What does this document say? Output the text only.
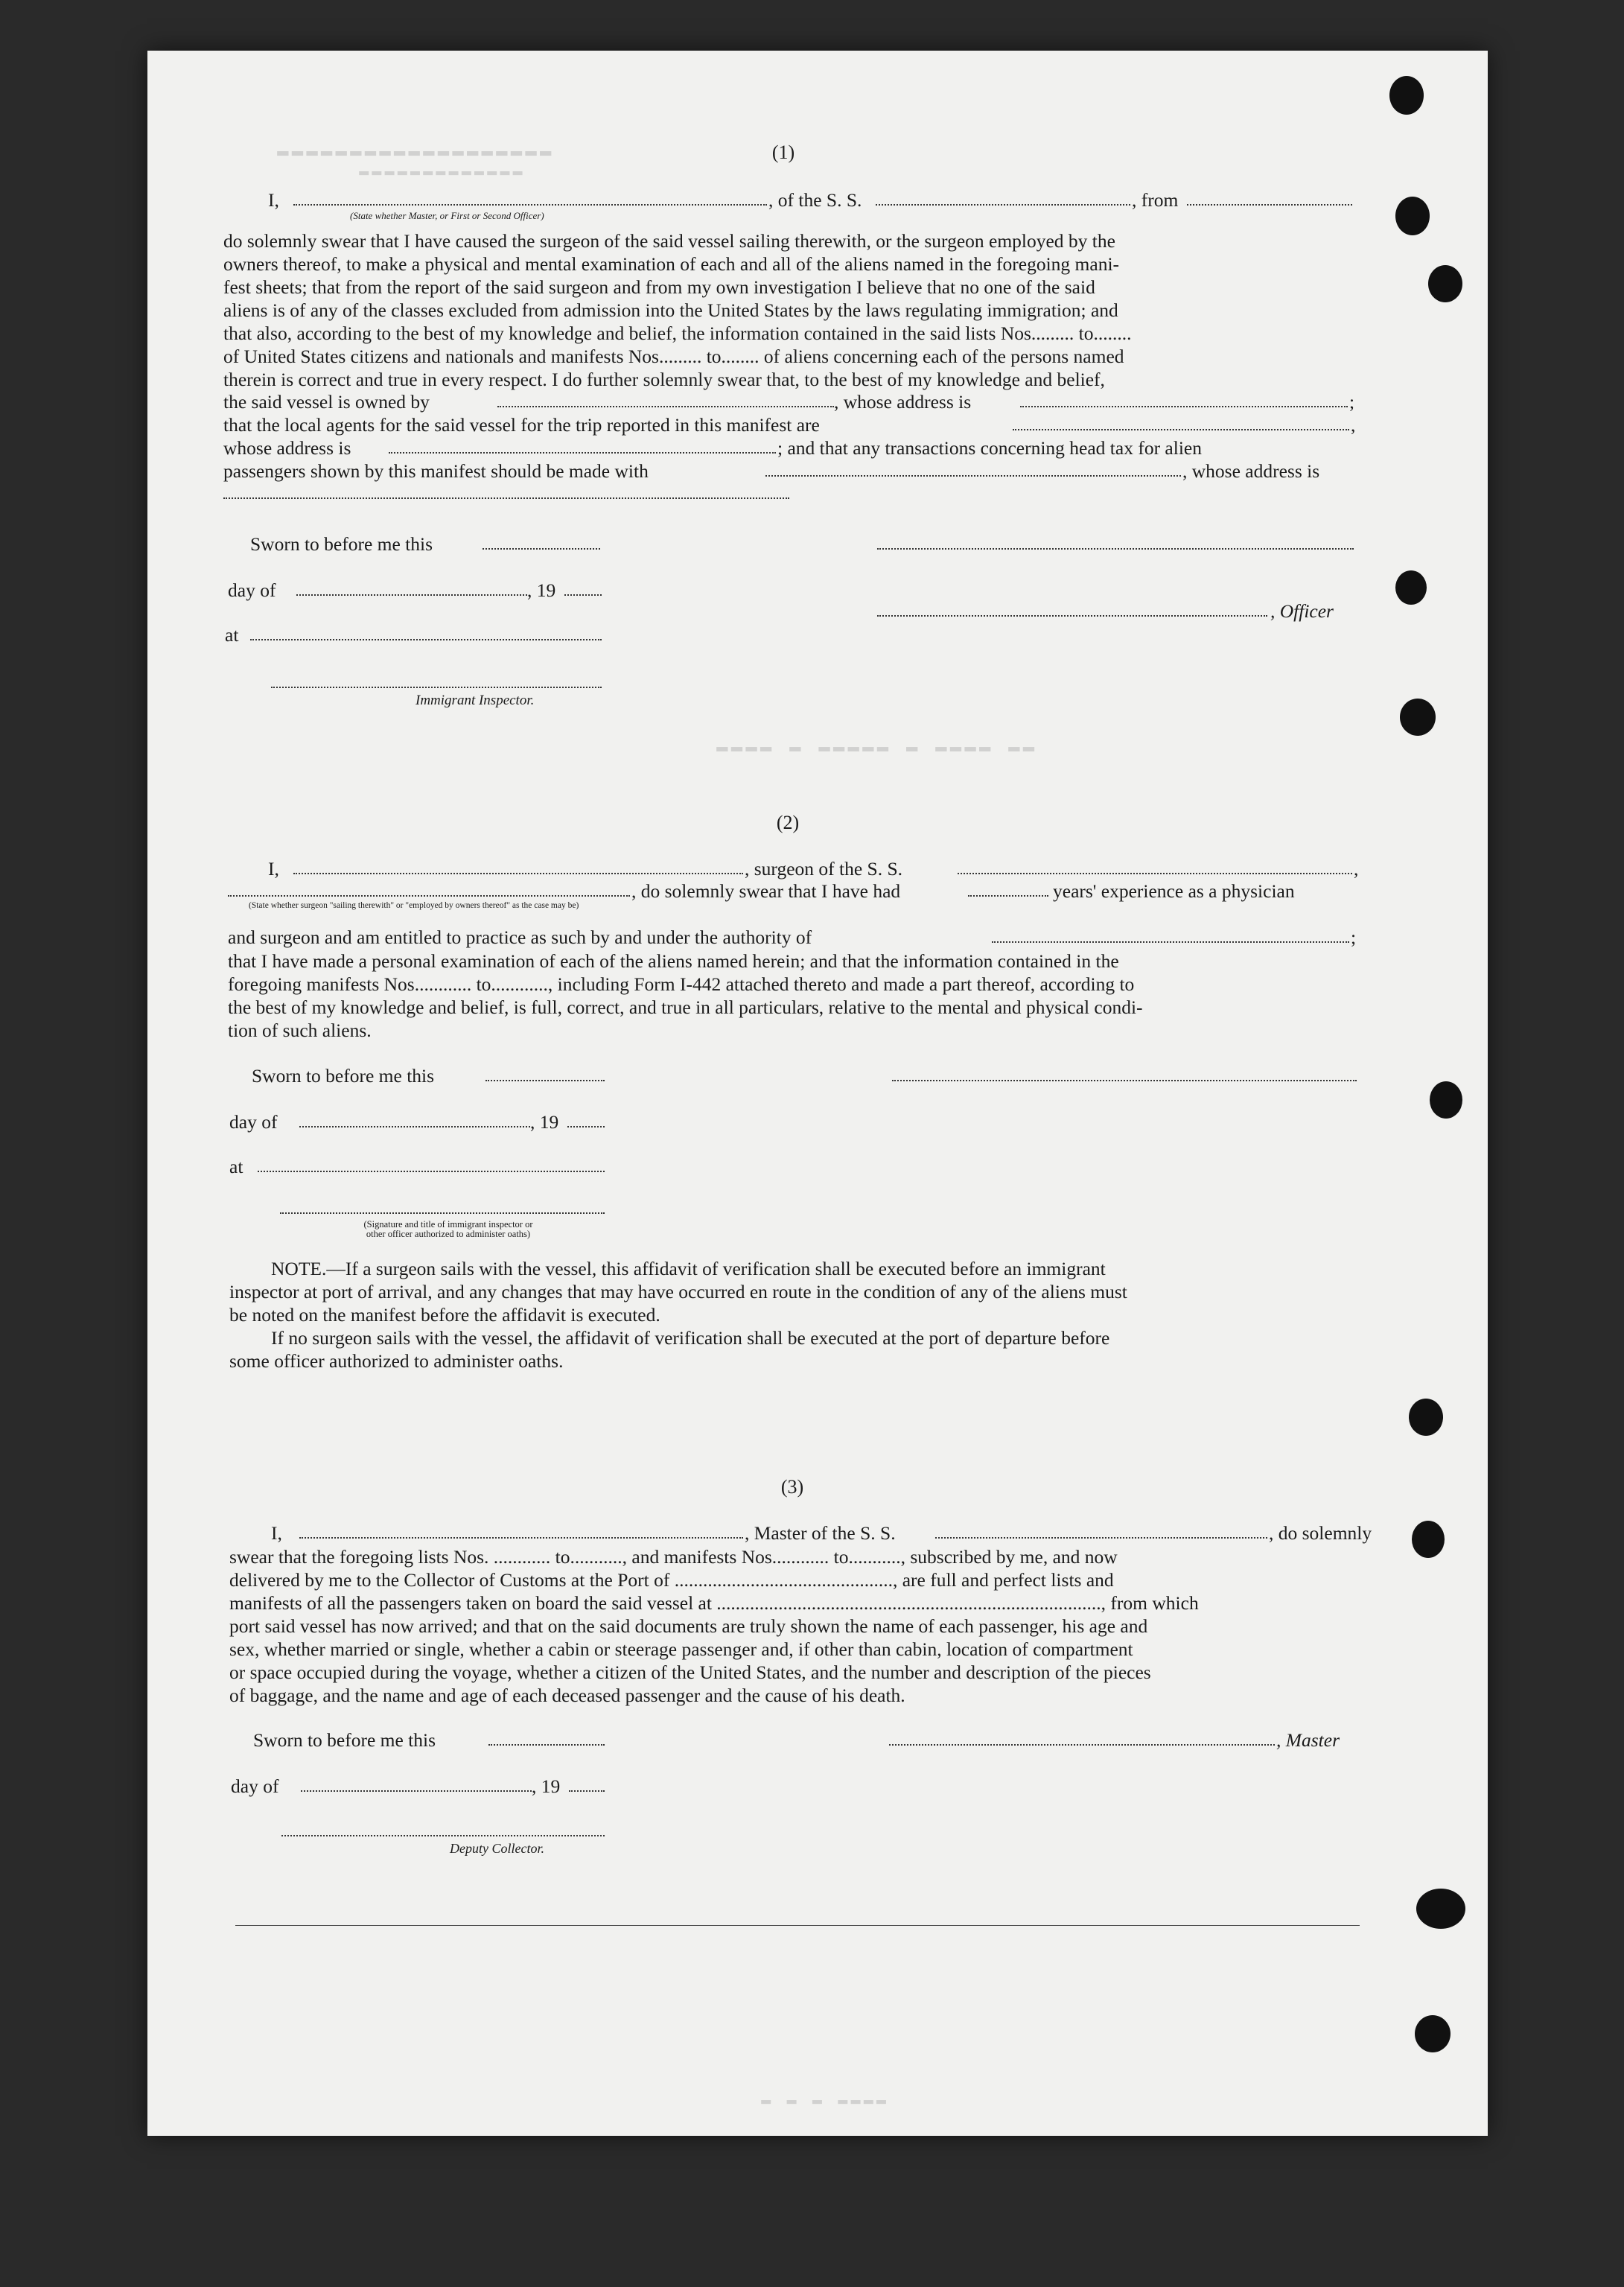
▬▬▬▬▬▬▬▬▬▬▬▬▬▬▬▬▬▬▬
▬▬▬▬▬▬▬▬▬▬▬▬▬
▬▬ ▬▬▬▬ ▬ ▬▬▬▬▬ ▬ ▬▬▬▬
▬▬▬▬ ▬ ▬ ▬
(1)
I,	, of the S. S.	, from
(State whether Master, or First or Second Officer)
do solemnly swear that I have caused the surgeon of the said vessel sailing therewith, or the surgeon employed by the
owners thereof, to make a physical and mental examination of each and all of the aliens named in the foregoing mani-
fest sheets; that from the report of the said surgeon and from my own investigation I believe that no one of the said
aliens is of any of the classes excluded from admission into the United States by the laws regulating immigration; and
that also, according to the best of my knowledge and belief, the information contained in the said lists Nos......... to........
of United States citizens and nationals and manifests Nos......... to........ of aliens concerning each of the persons named
therein is correct and true in every respect. I do further solemnly swear that, to the best of my knowledge and belief,
the said vessel is owned by	, whose address is	;
that the local agents for the said vessel for the trip reported in this manifest are	,
whose address is	; and that any transactions concerning head tax for alien
passengers shown by this manifest should be made with	, whose address is
Sworn to before me this
day of	, 19
, Officer
at
Immigrant Inspector.
(2)
I,	, surgeon of the S. S.	,
, do solemnly swear that I have had	years' experience as a physician
(State whether surgeon "sailing therewith" or "employed by owners thereof" as the case may be)
and surgeon and am entitled to practice as such by and under the authority of	;
that I have made a personal examination of each of the aliens named herein; and that the information contained in the
foregoing manifests Nos............ to............, including Form I-442 attached thereto and made a part thereof, according to
the best of my knowledge and belief, is full, correct, and true in all particulars, relative to the mental and physical condi-
tion of such aliens.
Sworn to before me this
day of	, 19
at
(Signature and title of immigrant inspector or
other officer authorized to administer oaths)
NOTE.—If a surgeon sails with the vessel, this affidavit of verification shall be executed before an immigrant
inspector at port of arrival, and any changes that may have occurred en route in the condition of any of the aliens must
be noted on the manifest before the affidavit is executed.
If no surgeon sails with the vessel, the affidavit of verification shall be executed at the port of departure before
some officer authorized to administer oaths.
(3)
I,	, Master of the S. S.	, do solemnly
swear that the foregoing lists Nos. ............ to..........., and manifests Nos............ to..........., subscribed by me, and now
delivered by me to the Collector of Customs at the Port of .............................................., are full and perfect lists and
manifests of all the passengers taken on board the said vessel at ................................................................................., from which
port said vessel has now arrived; and that on the said documents are truly shown the name of each passenger, his age and
sex, whether married or single, whether a cabin or steerage passenger and, if other than cabin, location of compartment
or space occupied during the voyage, whether a citizen of the United States, and the number and description of the pieces
of baggage, and the name and age of each deceased passenger and the cause of his death.
Sworn to before me this	, Master
day of	, 19
Deputy Collector.
